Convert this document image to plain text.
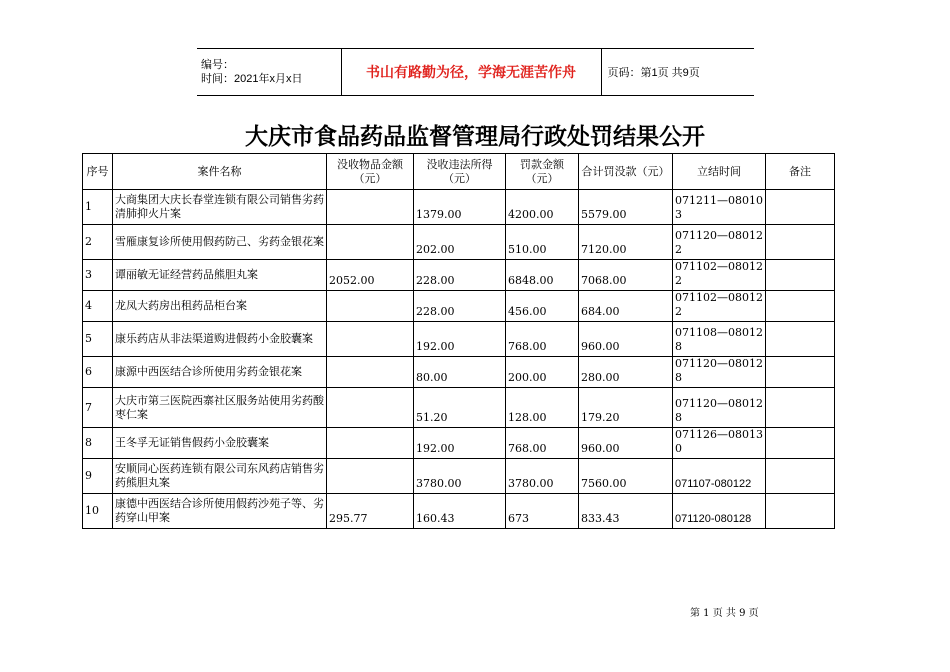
编号：
时间：2021年x月x日	书山有路勤为径，学海无涯苦作舟	页码：第1页 共9页
大庆市食品药品监督管理局行政处罚结果公开
序号	案件名称	没收物品金额（元）	没收违法所得（元）	罚款金额（元）	合计罚没款（元）	立结时间	备注
1	大商集团大庆长春堂连锁有限公司销售劣药清肺抑火片案		1379.00	4200.00	5579.00	071211—080103	
2	雪雁康复诊所使用假药防己、劣药金银花案		202.00	510.00	7120.00	071120—080122	
3	谭丽敏无证经营药品熊胆丸案	2052.00	228.00	6848.00	7068.00	071102—080122	
4	龙凤大药房出租药品柜台案		228.00	456.00	684.00	071102—080122	
5	康乐药店从非法渠道购进假药小金胶囊案		192.00	768.00	960.00	071108—080128	
6	康源中西医结合诊所使用劣药金银花案		80.00	200.00	280.00	071120—080128	
7	大庆市第三医院西寨社区服务站使用劣药酸枣仁案		51.20	128.00	179.20	071120—080128	
8	王冬孚无证销售假药小金胶囊案		192.00	768.00	960.00	071126—080130	
9	安顺同心医药连锁有限公司东风药店销售劣药熊胆丸案		3780.00	3780.00	7560.00	071107-080122	
10	康德中西医结合诊所使用假药沙苑子等、劣药穿山甲案	295.77	160.43	673	833.43	071120-080128	
第 1 页 共 9 页
